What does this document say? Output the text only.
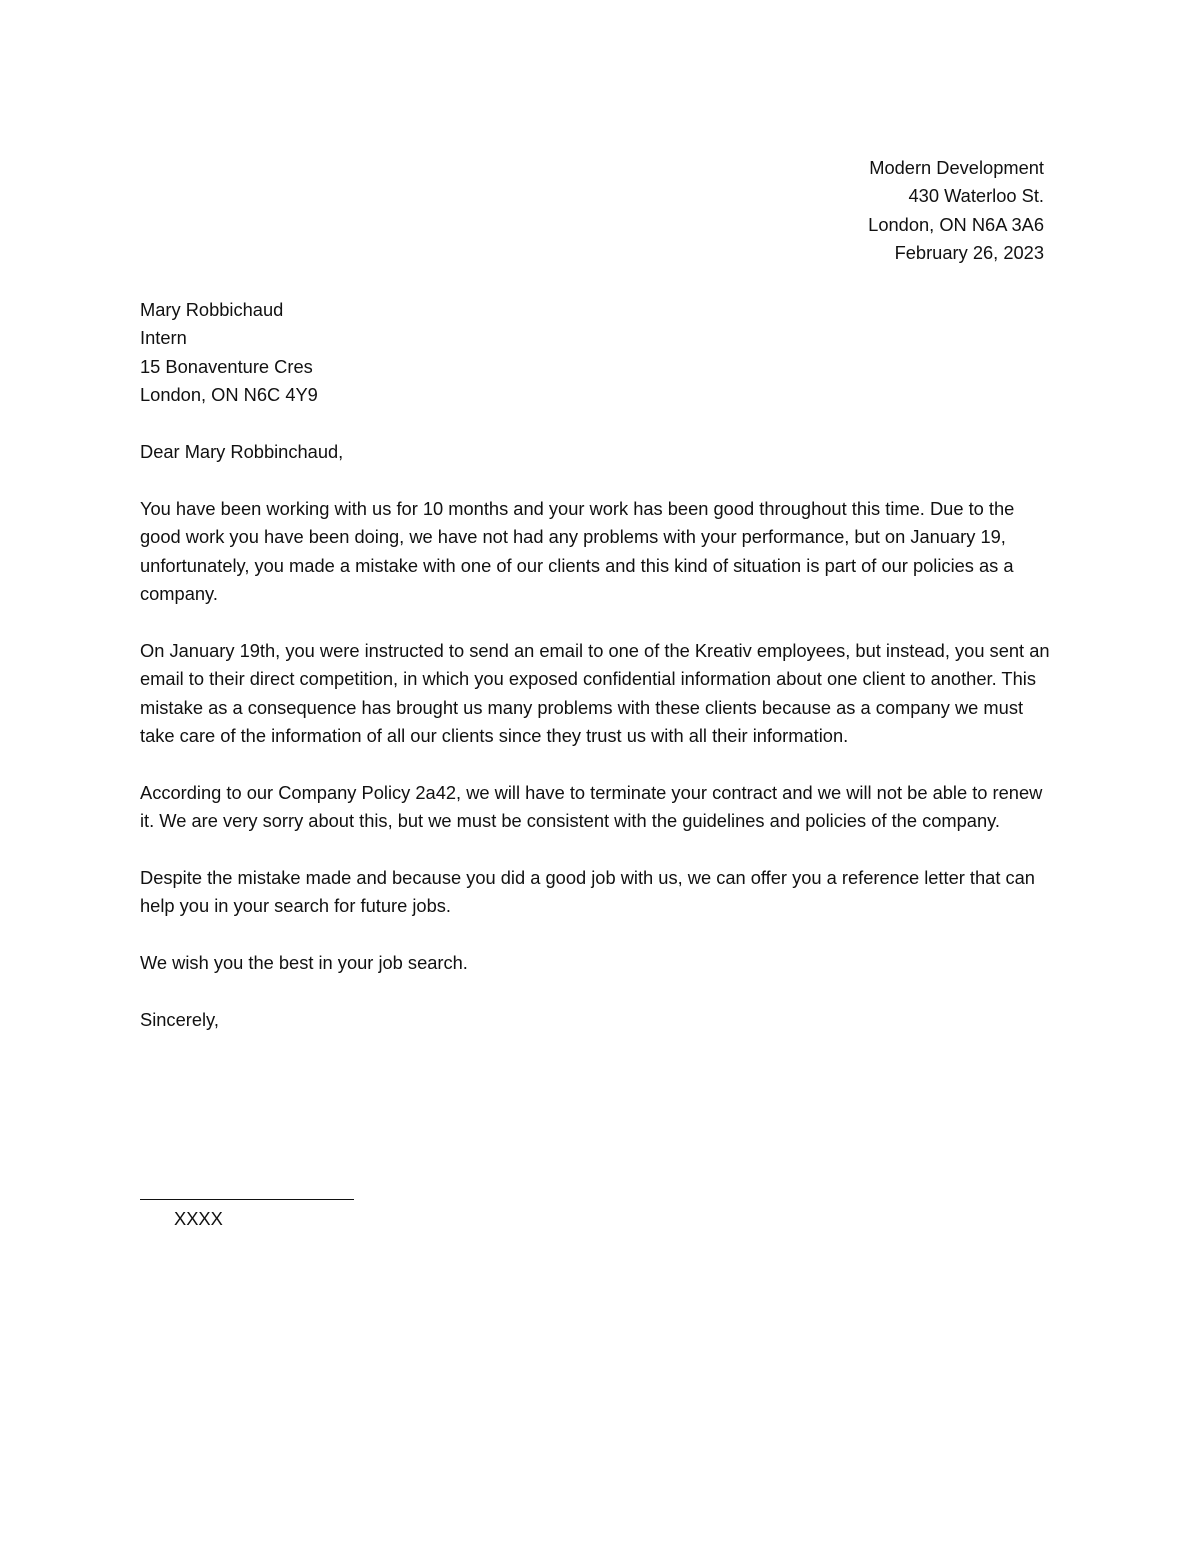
Modern Development
430 Waterloo St.
London, ON N6A 3A6
February 26, 2023
Mary Robbichaud
Intern
15 Bonaventure Cres
London, ON N6C 4Y9
Dear Mary Robbinchaud,

You have been working with us for 10 months and your work has been good throughout this time. Due to the good work you have been doing, we have not had any problems with your performance, but on January 19, unfortunately, you made a mistake with one of our clients and this kind of situation is part of our policies as a company.

On January 19th, you were instructed to send an email to one of the Kreativ employees, but instead, you sent an email to their direct competition, in which you exposed confidential information about one client to another. This mistake as a consequence has brought us many problems with these clients because as a company we must take care of the information of all our clients since they trust us with all their information.

According to our Company Policy 2a42, we will have to terminate your contract and we will not be able to renew it. We are very sorry about this, but we must be consistent with the guidelines and policies of the company.

Despite the mistake made and because you did a good job with us, we can offer you a reference letter that can help you in your search for future jobs.

We wish you the best in your job search.

Sincerely,
XXXX
